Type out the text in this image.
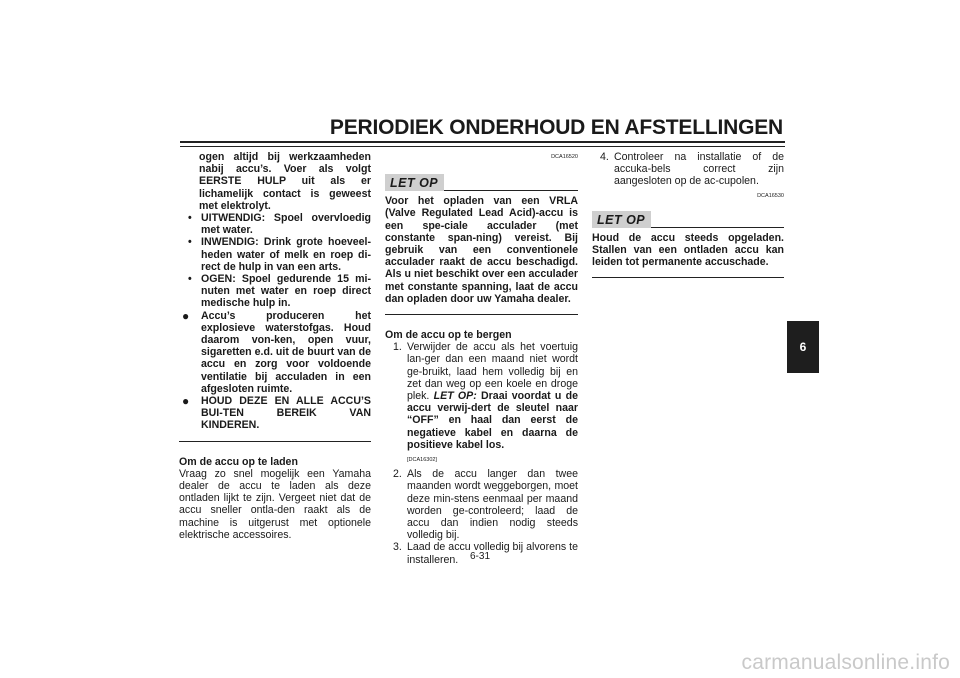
PERIODIEK ONDERHOUD EN AFSTELLINGEN
ogen altijd bij werkzaamheden nabij accu’s. Voer als volgt EERSTE HULP uit als er lichamelijk contact is geweest met elektrolyt.
• UITWENDIG: Spoel overvloedig met water.
• INWENDIG: Drink grote hoeveel-heden water of melk en roep di-rect de hulp in van een arts.
• OGEN: Spoel gedurende 15 mi-nuten met water en roep direct medische hulp in.
● Accu’s produceren het explosieve waterstofgas. Houd daarom von-ken, open vuur, sigaretten e.d. uit de buurt van de accu en zorg voor voldoende ventilatie bij acculaden in een afgesloten ruimte.
● HOUD DEZE EN ALLE ACCU’S BUI-TEN BEREIK VAN KINDEREN.
Om de accu op te laden
Vraag zo snel mogelijk een Yamaha dealer de accu te laden als deze ontladen lijkt te zijn. Vergeet niet dat de accu sneller ontla-den raakt als de machine is uitgerust met optionele elektrische accessoires.
DCA16520
LET OP
Voor het opladen van een VRLA (Valve Regulated Lead Acid)-accu is een spe-ciale acculader (met constante span-ning) vereist. Bij gebruik van een conventionele acculader raakt de accu beschadigd. Als u niet beschikt over een acculader met constante spanning, laat de accu dan opladen door uw Yamaha dealer.
Om de accu op te bergen
1. Verwijder de accu als het voertuig lan-ger dan een maand niet wordt ge-bruikt, laad hem volledig bij en zet dan weg op een koele en droge plek. LET OP: Draai voordat u de accu verwij-dert de sleutel naar “OFF” en haal dan eerst de negatieve kabel en daarna de positieve kabel los.
[DCA16302]
2. Als de accu langer dan twee maanden wordt weggeborgen, moet deze min-stens eenmaal per maand worden ge-controleerd; laad de accu dan indien nodig steeds volledig bij.
3. Laad de accu volledig bij alvorens te installeren.
4. Controleer na installatie of de accuka-bels correct zijn aangesloten op de ac-cupolen.
DCA16530
LET OP
Houd de accu steeds opgeladen. Stallen van een ontladen accu kan leiden tot permanente accuschade.
6
6-31
carmanualsonline.info
